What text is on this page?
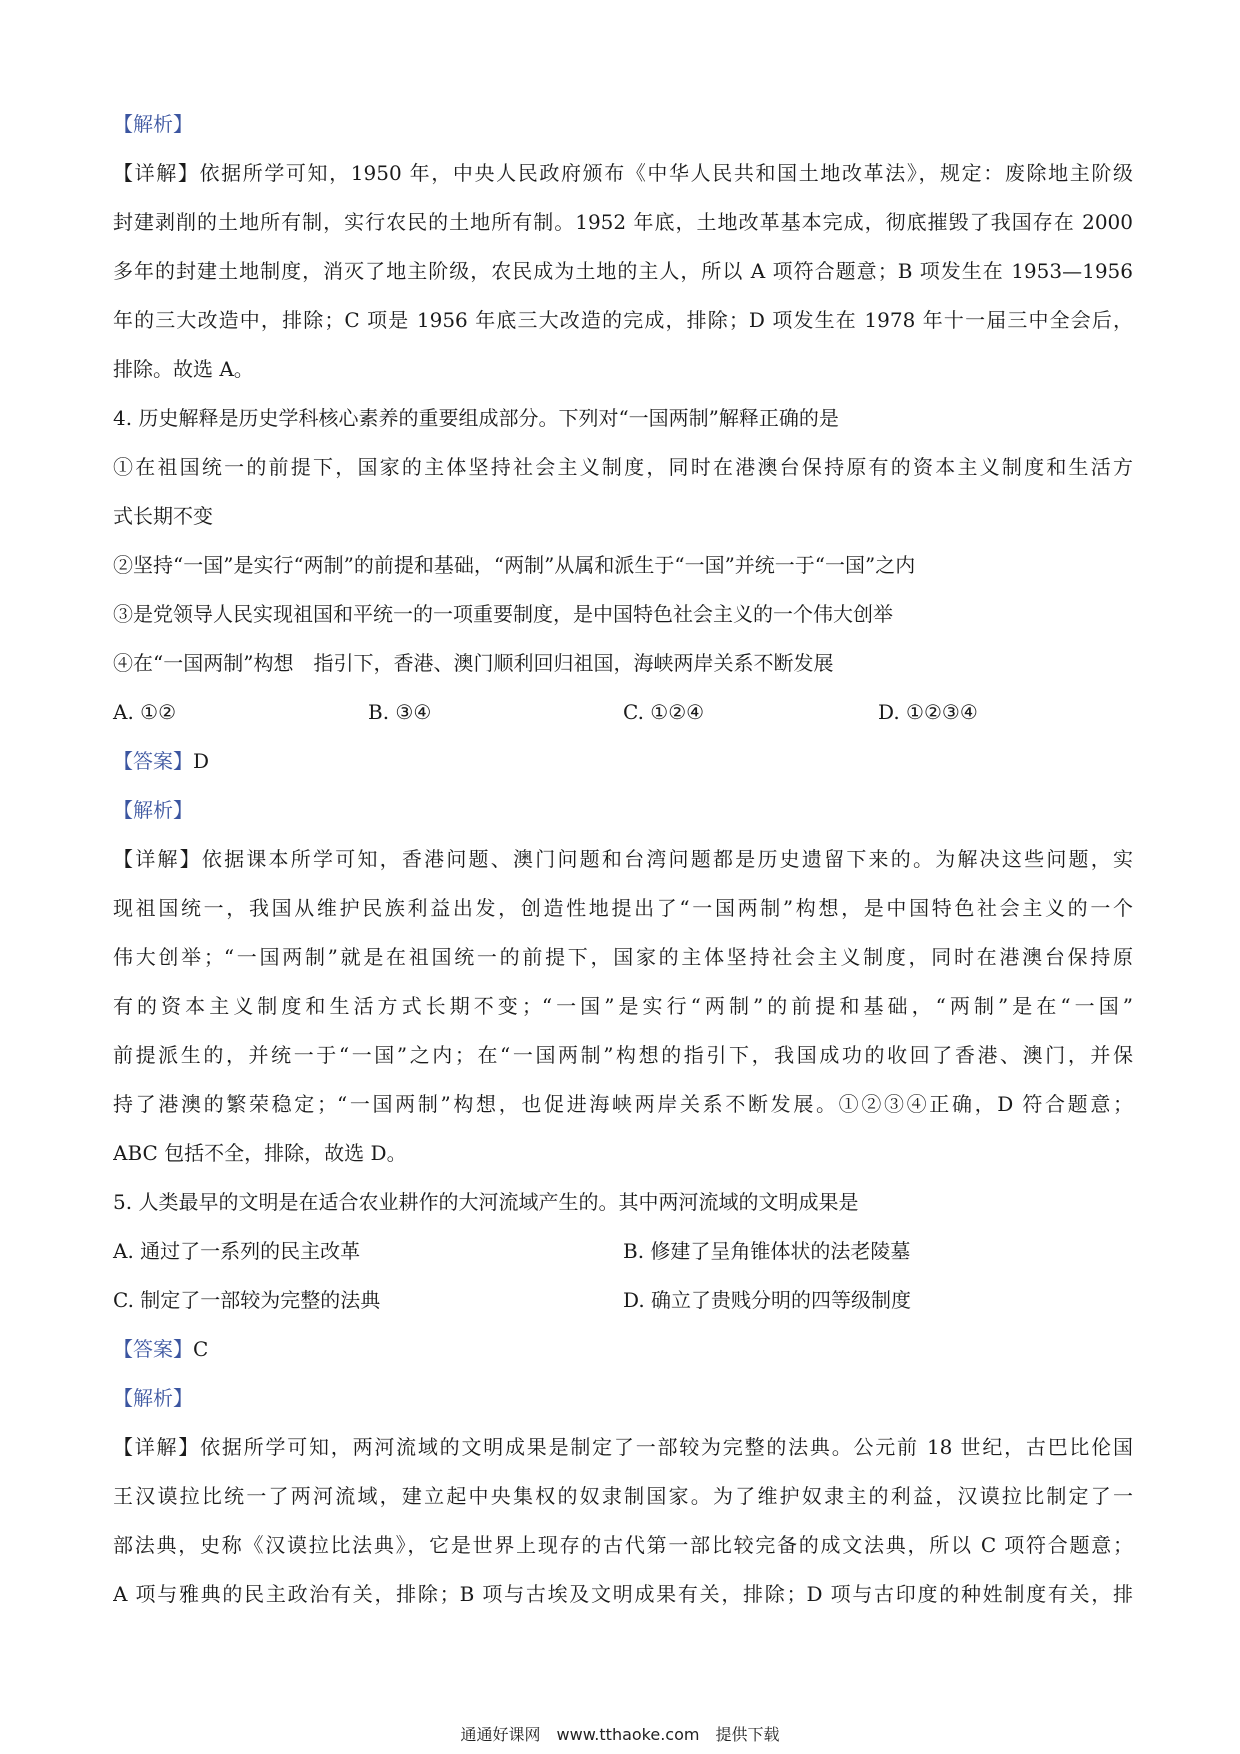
【解析】
【详解】依据所学可知，1950 年，中央人民政府颁布《中华人民共和国土地改革法》，规定：废除地主阶级
封建剥削的土地所有制，实行农民的土地所有制。1952 年底，土地改革基本完成，彻底摧毁了我国存在 2000
多年的封建土地制度，消灭了地主阶级，农民成为土地的主人，所以 A 项符合题意；B 项发生在 1953—1956
年的三大改造中，排除；C 项是 1956 年底三大改造的完成，排除；D 项发生在 1978 年十一届三中全会后，
排除。故选 A。
4. 历史解释是历史学科核心素养的重要组成部分。下列对“一国两制”解释正确的是
①在祖国统一的前提下，国家的主体坚持社会主义制度，同时在港澳台保持原有的资本主义制度和生活方
式长期不变
②坚持“一国”是实行“两制”的前提和基础，“两制”从属和派生于“一国”并统一于“一国”之内
③是党领导人民实现祖国和平统一的一项重要制度，是中国特色社会主义的一个伟大创举
④在“一国两制”构想　指引下，香港、澳门顺利回归祖国，海峡两岸关系不断发展
A. ①②	B. ③④	C. ①②④	D. ①②③④
【答案】D
【解析】
【详解】依据课本所学可知，香港问题、澳门问题和台湾问题都是历史遗留下来的。为解决这些问题，实
现祖国统一，我国从维护民族利益出发，创造性地提出了“一国两制”构想，是中国特色社会主义的一个
伟大创举；“一国两制”就是在祖国统一的前提下，国家的主体坚持社会主义制度，同时在港澳台保持原
有的资本主义制度和生活方式长期不变；“一国”是实行“两制”的前提和基础，“两制”是在“一国”
前提派生的，并统一于“一国”之内；在“一国两制”构想的指引下，我国成功的收回了香港、澳门，并保
持了港澳的繁荣稳定；“一国两制”构想，也促进海峡两岸关系不断发展。①②③④正确，D 符合题意；
ABC 包括不全，排除，故选 D。
5. 人类最早的文明是在适合农业耕作的大河流域产生的。其中两河流域的文明成果是
A. 通过了一系列的民主改革	B. 修建了呈角锥体状的法老陵墓
C. 制定了一部较为完整的法典	D. 确立了贵贱分明的四等级制度
【答案】C
【解析】
【详解】依据所学可知，两河流域的文明成果是制定了一部较为完整的法典。公元前 18 世纪，古巴比伦国
王汉谟拉比统一了两河流域，建立起中央集权的奴隶制国家。为了维护奴隶主的利益，汉谟拉比制定了一
部法典，史称《汉谟拉比法典》，它是世界上现存的古代第一部比较完备的成文法典，所以 C 项符合题意；
A 项与雅典的民主政治有关，排除；B 项与古埃及文明成果有关，排除；D 项与古印度的种姓制度有关，排
通通好课网　www.tthaoke.com　提供下载
